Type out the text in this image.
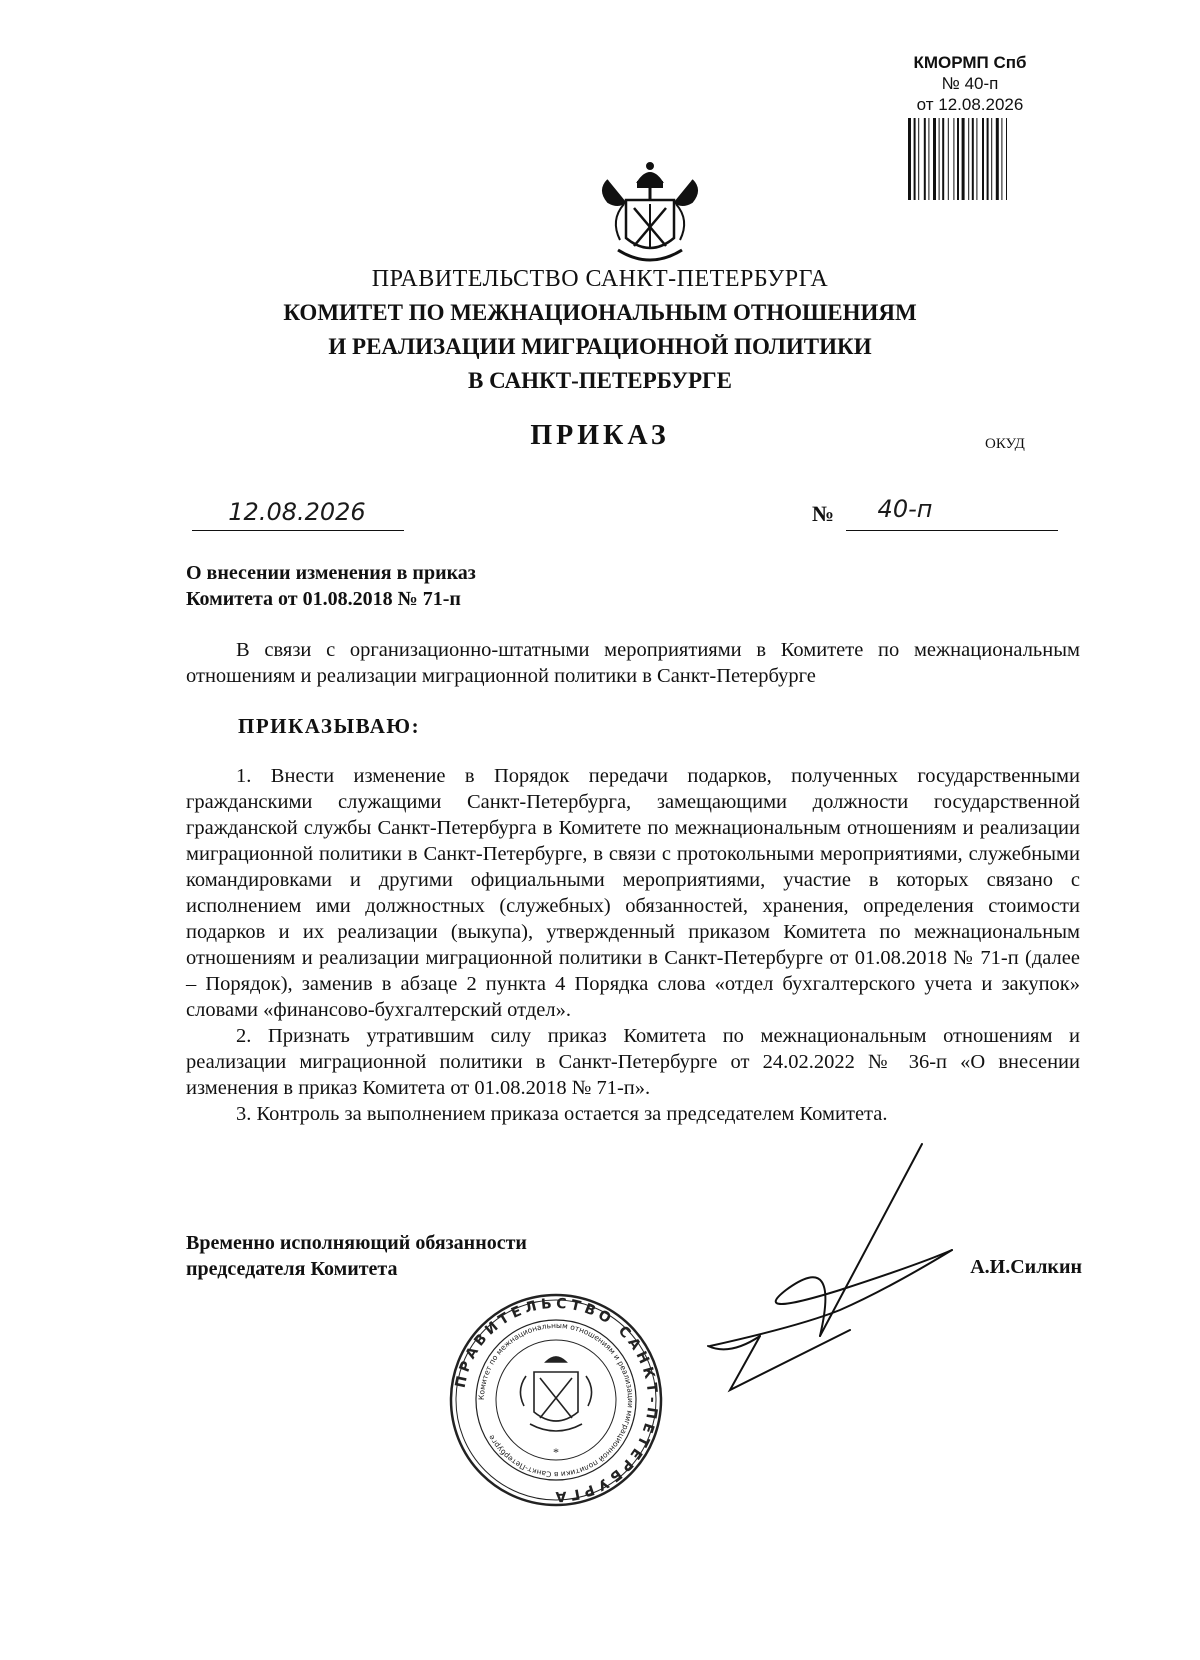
КМОРМП Спб
№ 40-п
от 12.08.2026
ПРАВИТЕЛЬСТВО САНКТ-ПЕТЕРБУРГА
КОМИТЕТ ПО МЕЖНАЦИОНАЛЬНЫМ ОТНОШЕНИЯМ
И РЕАЛИЗАЦИИ МИГРАЦИОННОЙ ПОЛИТИКИ
В САНКТ-ПЕТЕРБУРГЕ
ПРИКАЗ	ОКУД
12.08.2026	№	40-п
О внесении изменения в приказ
Комитета от 01.08.2018 № 71-п

В связи с организационно-штатными мероприятиями в Комитете по межнациональным отношениям и реализации миграционной политики в Санкт-Петербурге

ПРИКАЗЫВАЮ:

1. Внести изменение в Порядок передачи подарков, полученных государственными гражданскими служащими Санкт-Петербурга, замещающими должности государственной гражданской службы Санкт-Петербурга в Комитете по межнациональным отношениям и реализации миграционной политики в Санкт-Петербурге, в связи с протокольными мероприятиями, служебными командировками и другими официальными мероприятиями, участие в которых связано с исполнением ими должностных (служебных) обязанностей, хранения, определения стоимости подарков и их реализации (выкупа), утвержденный приказом Комитета по межнациональным отношениям и реализации миграционной политики в Санкт-Петербурге от 01.08.2018 № 71-п (далее – Порядок), заменив в абзаце 2 пункта 4 Порядка слова «отдел бухгалтерского учета и закупок» словами «финансово-бухгалтерский отдел».

2. Признать утратившим силу приказ Комитета по межнациональным отношениям и реализации миграционной политики в Санкт-Петербурге от 24.02.2022 № 36-п «О внесении изменения в приказ Комитета от 01.08.2018 № 71-п».

3. Контроль за выполнением приказа остается за председателем Комитета.

Временно исполняющий обязанности
председателя Комитета	А.И.Силкин
ПРАВИТЕЛЬСТВО САНКТ-ПЕТЕРБУРГА
Комитет по межнациональным отношениям и реализации миграционной политики в Санкт-Петербурге
*
